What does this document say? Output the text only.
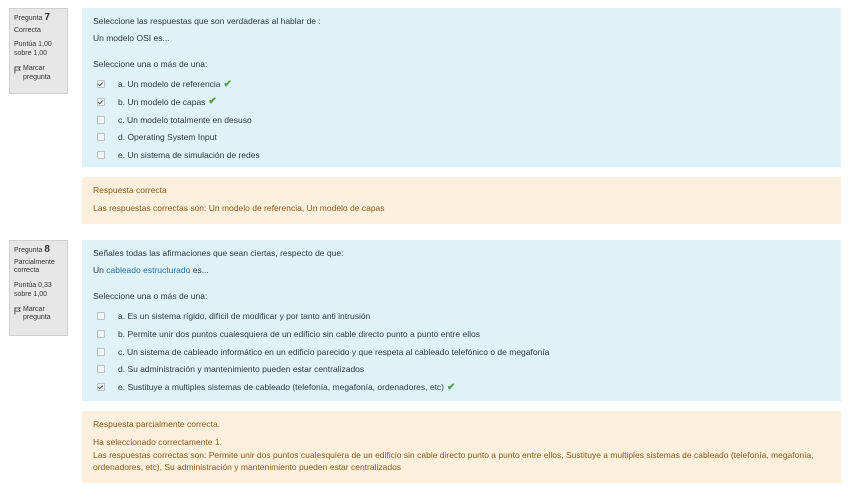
Pregunta 7
Correcta
Puntúa 1,00
sobre 1,00
Marcar
pregunta
Seleccione las respuestas que son verdaderas al hablar de :
Un modelo OSI es...
Seleccione una o más de una:
a. Un modelo de referencia ✔
b. Un modelo de capas ✔
c. Un modelo totalmente en desuso
d. Operating System Input
e. Un sistema de simulación de redes
Respuesta correcta
Las respuestas correctas son: Un modelo de referencia, Un modelo de capas
Pregunta 8
Parcialmente
correcta
Puntúa 0,33
sobre 1,00
Marcar
pregunta
Señales todas las afirmaciones que sean ciertas, respecto de que:
Un cableado estructurado es...
Seleccione una o más de una:
a. Es un sistema rígido, difícil de modificar y por tanto anti intrusión
b. Permite unir dos puntos cualesquiera de un edificio sin cable directo punto a punto entre ellos
c. Un sistema de cableado informático en un edificio parecido y que respeta al cableado telefónico o de megafonía
d. Su administración y mantenimiento pueden estar centralizados
e. Sustituye a multiples sistemas de cableado (telefonía, megafonía, ordenadores, etc) ✔
Respuesta parcialmente correcta.
Ha seleccionado correctamente 1.
Las respuestas correctas son: Permite unir dos puntos cualesquiera de un edificio sin cable directo punto a punto entre ellos, Sustituye a multiples sistemas de cableado (telefonía, megafonía, ordenadores, etc), Su administración y mantenimiento pueden estar centralizados
